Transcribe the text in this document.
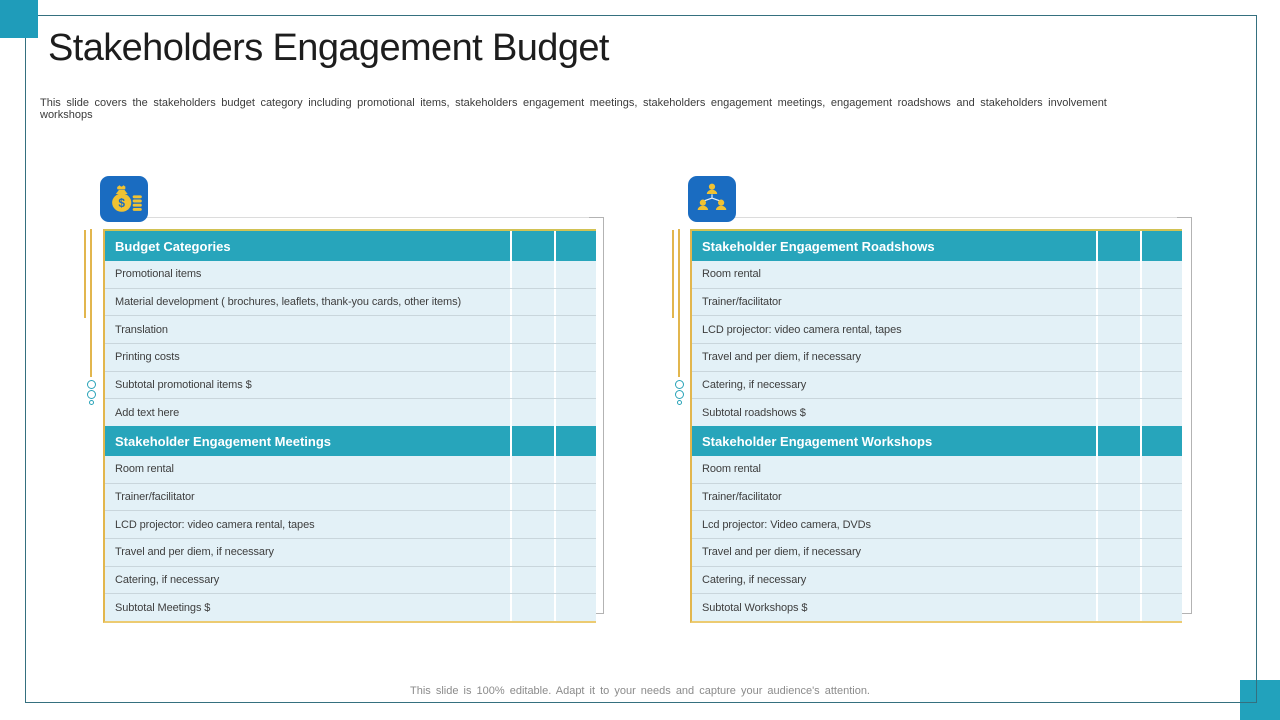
Stakeholders Engagement Budget
This slide covers the stakeholders budget category including promotional items, stakeholders engagement meetings, stakeholders engagement meetings, engagement roadshows and stakeholders involvement workshops
$
Budget Categories
Promotional items
Material development ( brochures, leaflets, thank-you cards, other items)
Translation
Printing costs
Subtotal promotional items $
Add text here
Stakeholder Engagement Meetings
Room rental
Trainer/facilitator
LCD projector: video camera rental, tapes
Travel and per diem, if necessary
Catering, if necessary
Subtotal Meetings $
Stakeholder Engagement Roadshows
Room rental
Trainer/facilitator
LCD projector: video camera rental, tapes
Travel and per diem, if necessary
Catering, if necessary
Subtotal roadshows $
Stakeholder Engagement Workshops
Room rental
Trainer/facilitator
Lcd projector: Video camera, DVDs
Travel and per diem, if necessary
Catering, if necessary
Subtotal Workshops $
This slide is 100% editable. Adapt it to your needs and capture your audience's attention.
